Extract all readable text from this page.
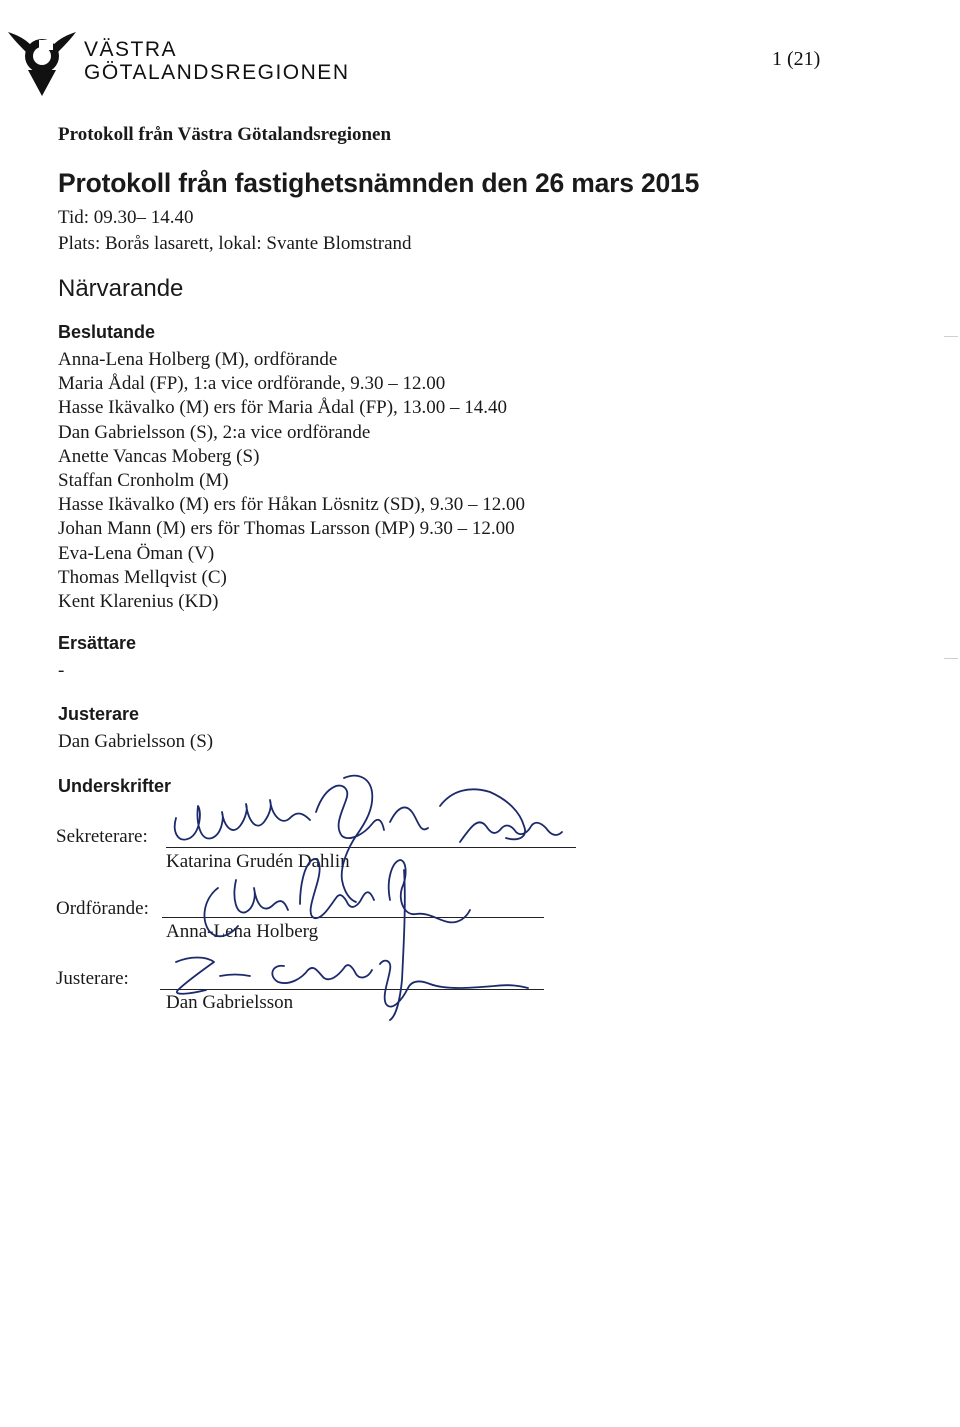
VÄSTRA
GÖTALANDSREGIONEN
1 (21)
Protokoll från Västra Götalandsregionen
Protokoll från fastighetsnämnden den 26 mars 2015
Tid: 09.30– 14.40
Plats: Borås lasarett, lokal: Svante Blomstrand
Närvarande
Beslutande
Anna-Lena Holberg (M), ordförande
Maria Ådal (FP), 1:a vice ordförande, 9.30 – 12.00
Hasse Ikävalko (M) ers för Maria Ådal (FP), 13.00 – 14.40
Dan Gabrielsson (S), 2:a vice ordförande
Anette Vancas Moberg (S)
Staffan Cronholm (M)
Hasse Ikävalko (M) ers för Håkan Lösnitz (SD), 9.30 – 12.00
Johan Mann (M) ers för Thomas Larsson (MP) 9.30 – 12.00
Eva-Lena Öman (V)
Thomas Mellqvist (C)
Kent Klarenius (KD)
Ersättare
-
Justerare
Dan Gabrielsson (S)
Underskrifter
Sekreterare:
Katarina Grudén Dahlin
Ordförande:
Anna-Lena Holberg
Justerare:
Dan Gabrielsson
